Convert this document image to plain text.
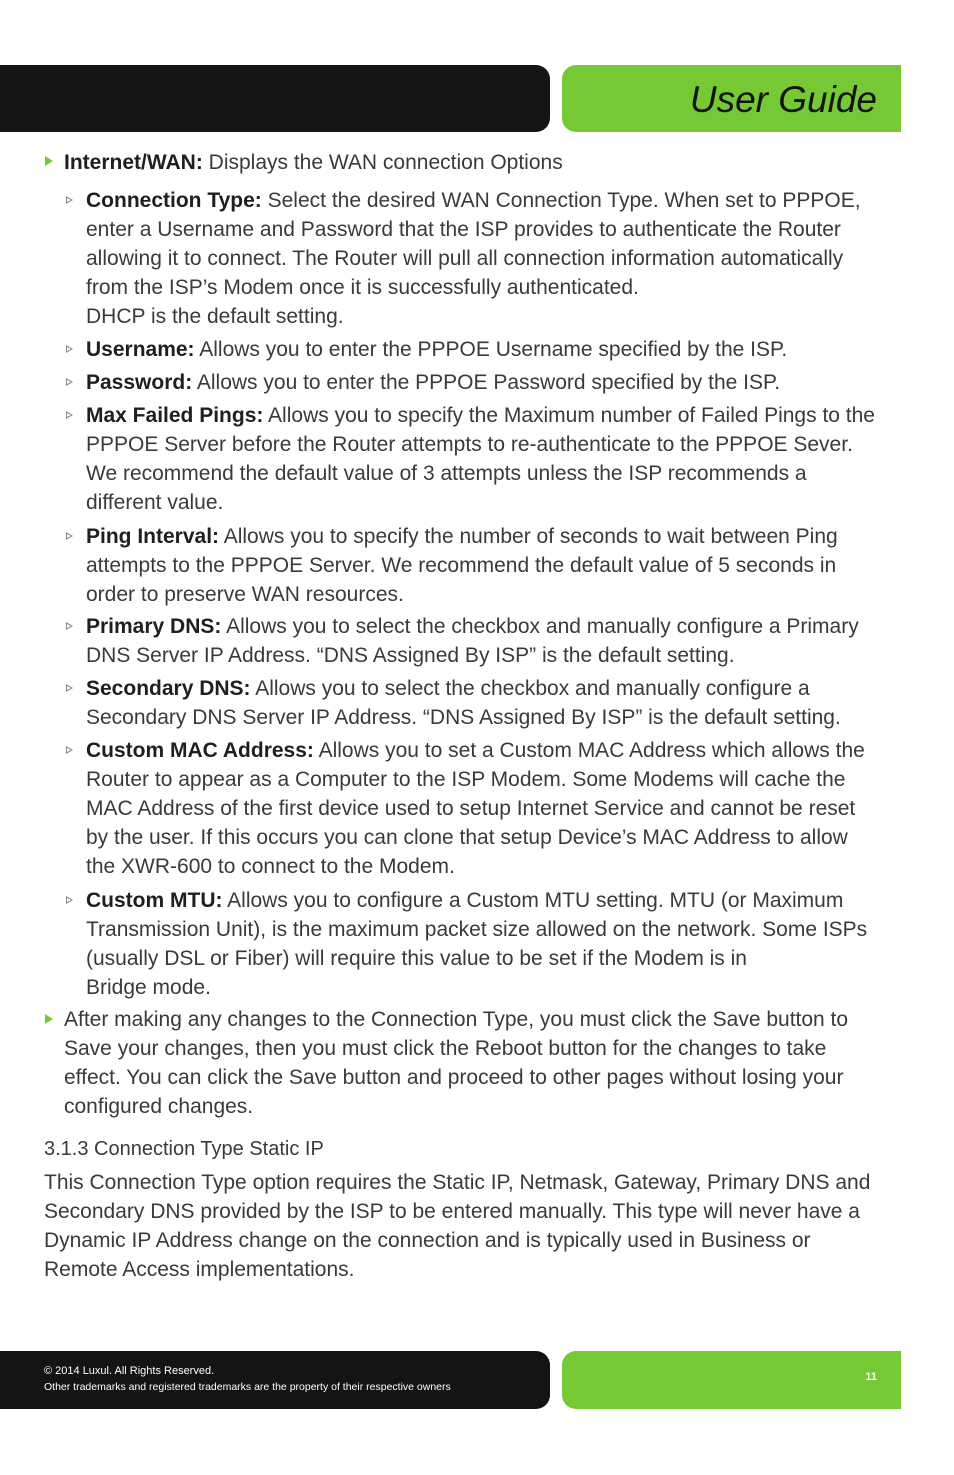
User Guide
Internet/WAN: Displays the WAN connection Options
Connection Type: Select the desired WAN Connection Type. When set to PPPOE, enter a Username and Password that the ISP provides to authenticate the Router allowing it to connect. The Router will pull all connection information automatically from the ISP’s Modem once it is successfully authenticated.
DHCP is the default setting.
Username: Allows you to enter the PPPOE Username specified by the ISP.
Password: Allows you to enter the PPPOE Password specified by the ISP.
Max Failed Pings: Allows you to specify the Maximum number of Failed Pings to the PPPOE Server before the Router attempts to re-authenticate to the PPPOE Sever. We recommend the default value of 3 attempts unless the ISP recommends a different value.
Ping Interval: Allows you to specify the number of seconds to wait between Ping attempts to the PPPOE Server. We recommend the default value of 5 seconds in order to preserve WAN resources.
Primary DNS: Allows you to select the checkbox and manually configure a Primary DNS Server IP Address. “DNS Assigned By ISP” is the default setting.
Secondary DNS: Allows you to select the checkbox and manually configure a Secondary DNS Server IP Address. “DNS Assigned By ISP” is the default setting.
Custom MAC Address: Allows you to set a Custom MAC Address which allows the Router to appear as a Computer to the ISP Modem. Some Modems will cache the MAC Address of the first device used to setup Internet Service and cannot be reset by the user. If this occurs you can clone that setup Device’s MAC Address to allow the XWR-600 to connect to the Modem.
Custom MTU: Allows you to configure a Custom MTU setting. MTU (or Maximum Transmission Unit), is the maximum packet size allowed on the network. Some ISPs (usually DSL or Fiber) will require this value to be set if the Modem is in
Bridge mode.
After making any changes to the Connection Type, you must click the Save button to Save your changes, then you must click the Reboot button for the changes to take effect. You can click the Save button and proceed to other pages without losing your configured changes.
3.1.3 Connection Type Static IP
This Connection Type option requires the Static IP, Netmask, Gateway, Primary DNS and Secondary DNS provided by the ISP to be entered manually. This type will never have a Dynamic IP Address change on the connection and is typically used in Business or Remote Access implementations.
© 2014 Luxul. All Rights Reserved.
Other trademarks and registered trademarks are the property of their respective owners
11
